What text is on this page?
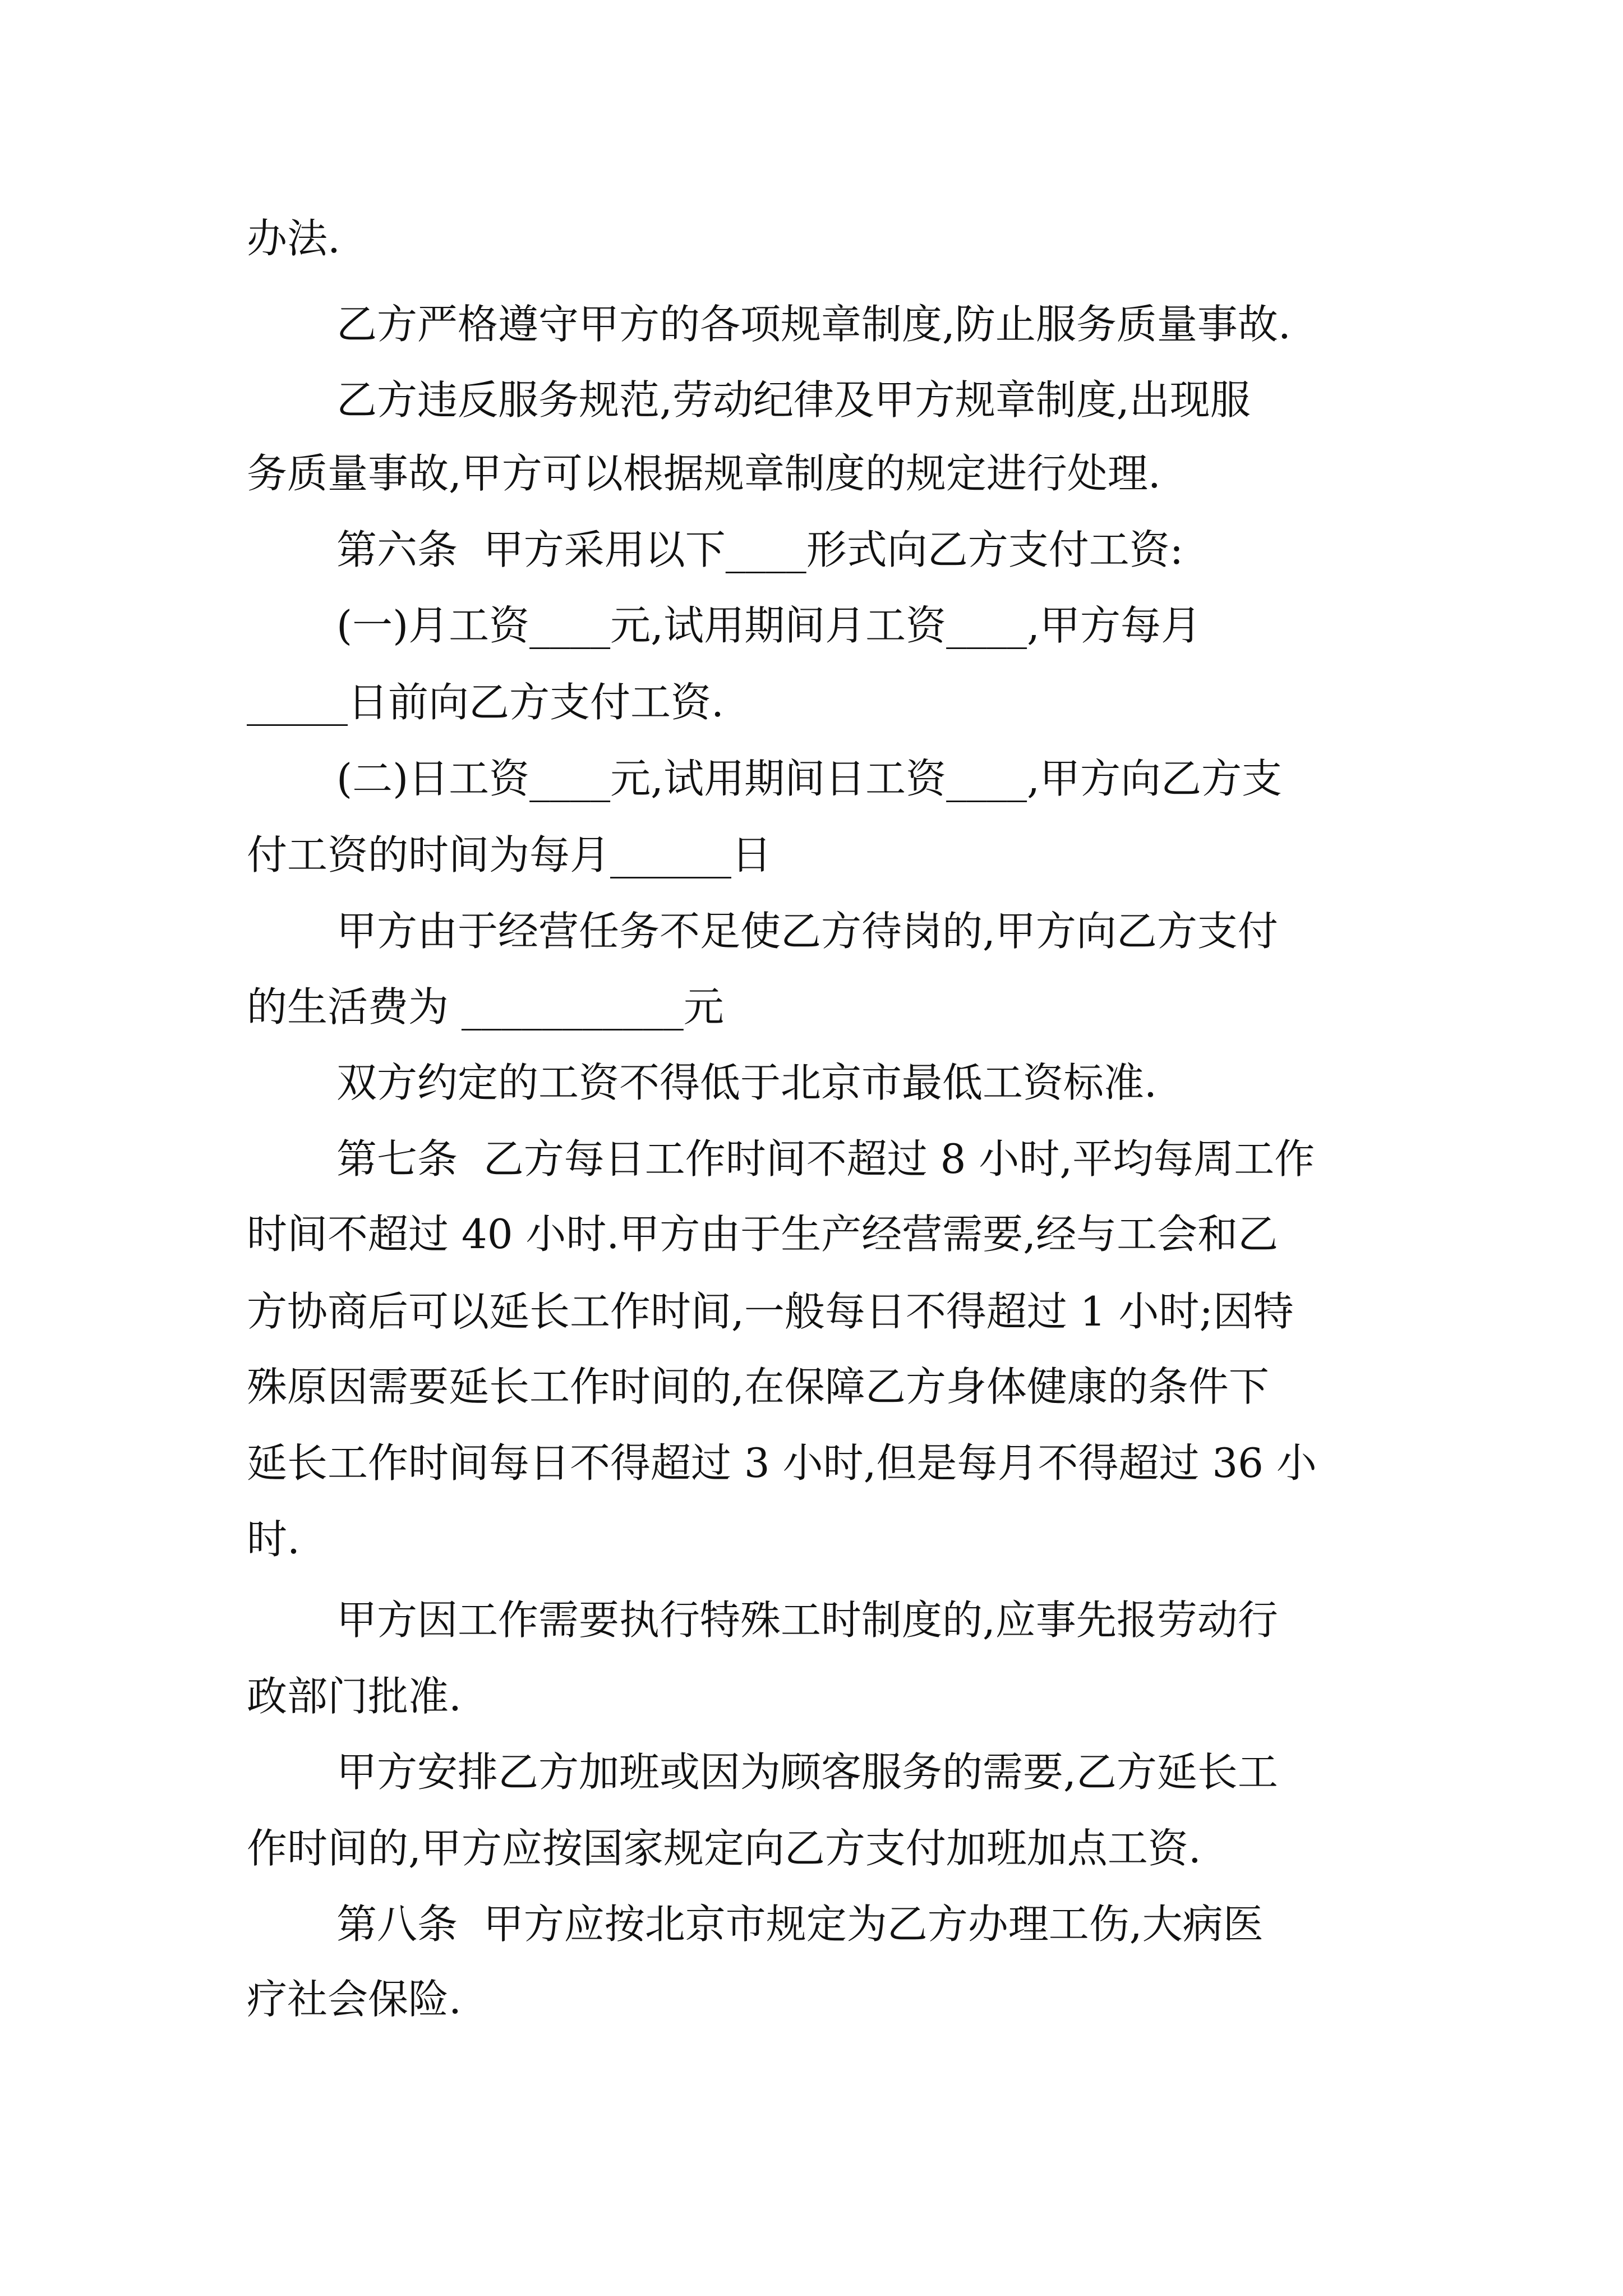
办法.
乙方严格遵守甲方的各项规章制度,防止服务质量事故.
乙方违反服务规范,劳动纪律及甲方规章制度,出现服
务质量事故,甲方可以根据规章制度的规定进行处理.
第六条  甲方采用以下____形式向乙方支付工资:
(一)月工资____元,试用期间月工资____,甲方每月
_____日前向乙方支付工资.
(二)日工资____元,试用期间日工资____,甲方向乙方支
付工资的时间为每月______日
甲方由于经营任务不足使乙方待岗的,甲方向乙方支付
的生活费为 ___________元
双方约定的工资不得低于北京市最低工资标准.
第七条  乙方每日工作时间不超过 8 小时,平均每周工作
时间不超过 40 小时.甲方由于生产经营需要,经与工会和乙
方协商后可以延长工作时间,一般每日不得超过 1 小时;因特
殊原因需要延长工作时间的,在保障乙方身体健康的条件下
延长工作时间每日不得超过 3 小时,但是每月不得超过 36 小
时.
甲方因工作需要执行特殊工时制度的,应事先报劳动行
政部门批准.
甲方安排乙方加班或因为顾客服务的需要,乙方延长工
作时间的,甲方应按国家规定向乙方支付加班加点工资.
第八条  甲方应按北京市规定为乙方办理工伤,大病医
疗社会保险.
